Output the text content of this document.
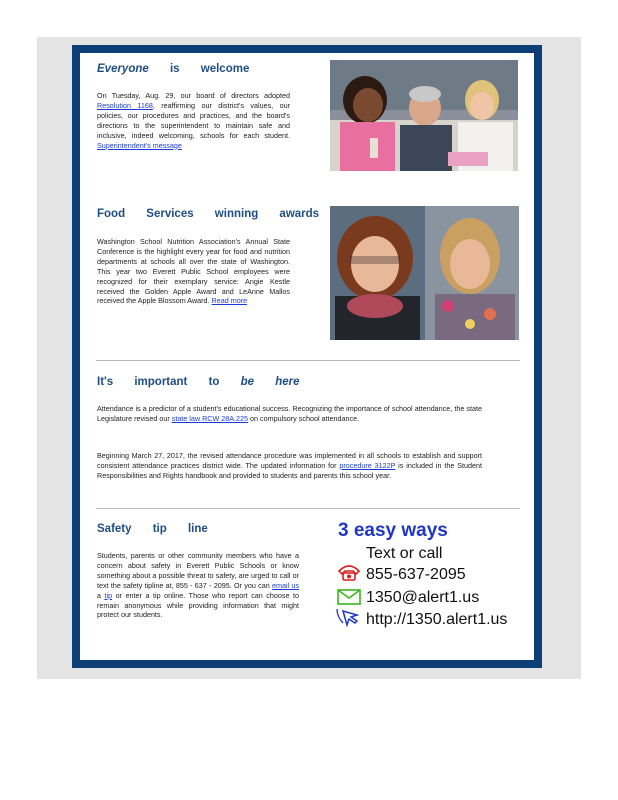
Everyone is welcome
On Tuesday, Aug. 29, our board of directors adopted Resolution 1168, reaffirming our district's values, our policies, our procedures and practices, and the board's directions to the superintendent to maintain safe and inclusive, indeed welcoming, schools for each student. Superintendent's message
Food Services winning awards
Washington School Nutrition Association's Annual State Conference is the highlight every year for food and nutrition departments at schools all over the state of Washington. This year two Everett Public School employees were recognized for their exemplary service: Angie Kestle received the Golden Apple Award and LeAnne Mallos received the Apple Blossom Award. Read more
It's important to be here
Attendance is a predictor of a student's educational success. Recognizing the importance of school attendance, the state Legislature revised our state law RCW 28A.225 on compulsory school attendance.
Beginning March 27, 2017, the revised attendance procedure was implemented in all schools to establish and support consistent attendance practices district wide. The updated information for procedure 3122P is included in the Student Responsibilities and Rights handbook and provided to students and parents this school year.
Safety tip line
Students, parents or other community members who have a concern about safety in Everett Public Schools or know something about a possible threat to safety, are urged to call or text the safety tipline at, 855 - 637 - 2095. Or you can email us a tip or enter a tip online. Those who report can choose to remain anonymous while providing information that might protect our students.
3 easy ways
Text or call
855-637-2095
1350@alert1.us
http://1350.alert1.us
